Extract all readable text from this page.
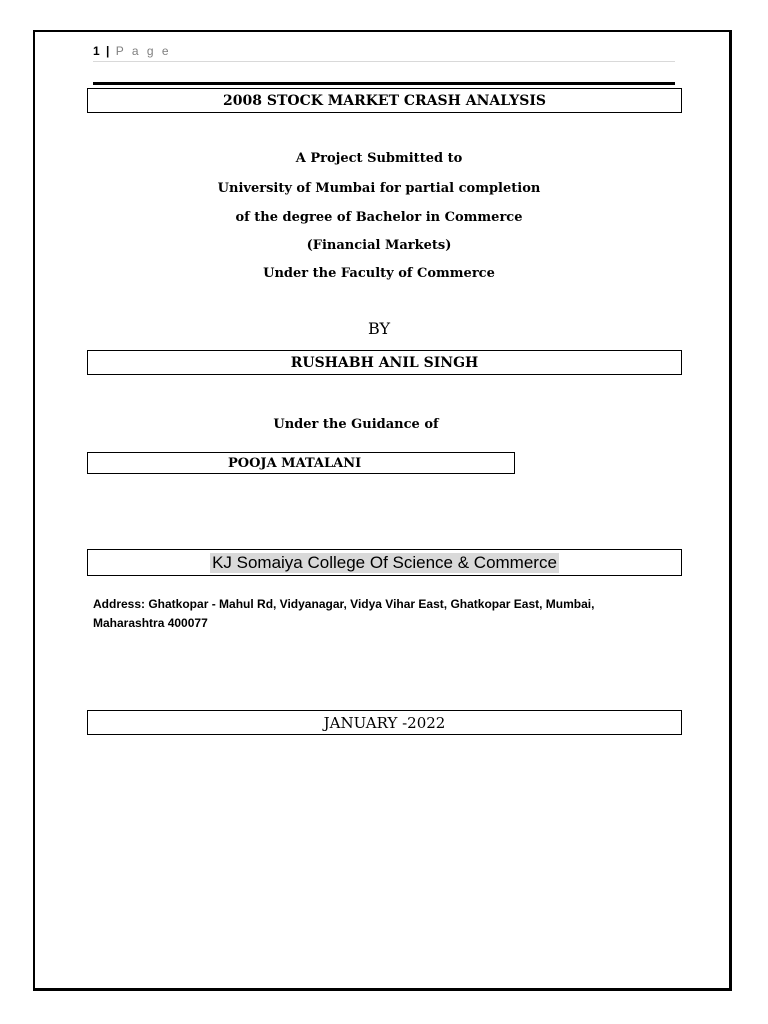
1 | P a g e
2008 STOCK MARKET CRASH ANALYSIS
A Project Submitted to
University of Mumbai for partial completion
of the degree of Bachelor in Commerce
(Financial Markets)
Under the Faculty of Commerce
BY
RUSHABH ANIL SINGH
Under the Guidance of
POOJA MATALANI
KJ Somaiya College Of Science & Commerce
Address: Ghatkopar - Mahul Rd, Vidyanagar, Vidya Vihar East, Ghatkopar East, Mumbai, Maharashtra 400077
JANUARY -2022
